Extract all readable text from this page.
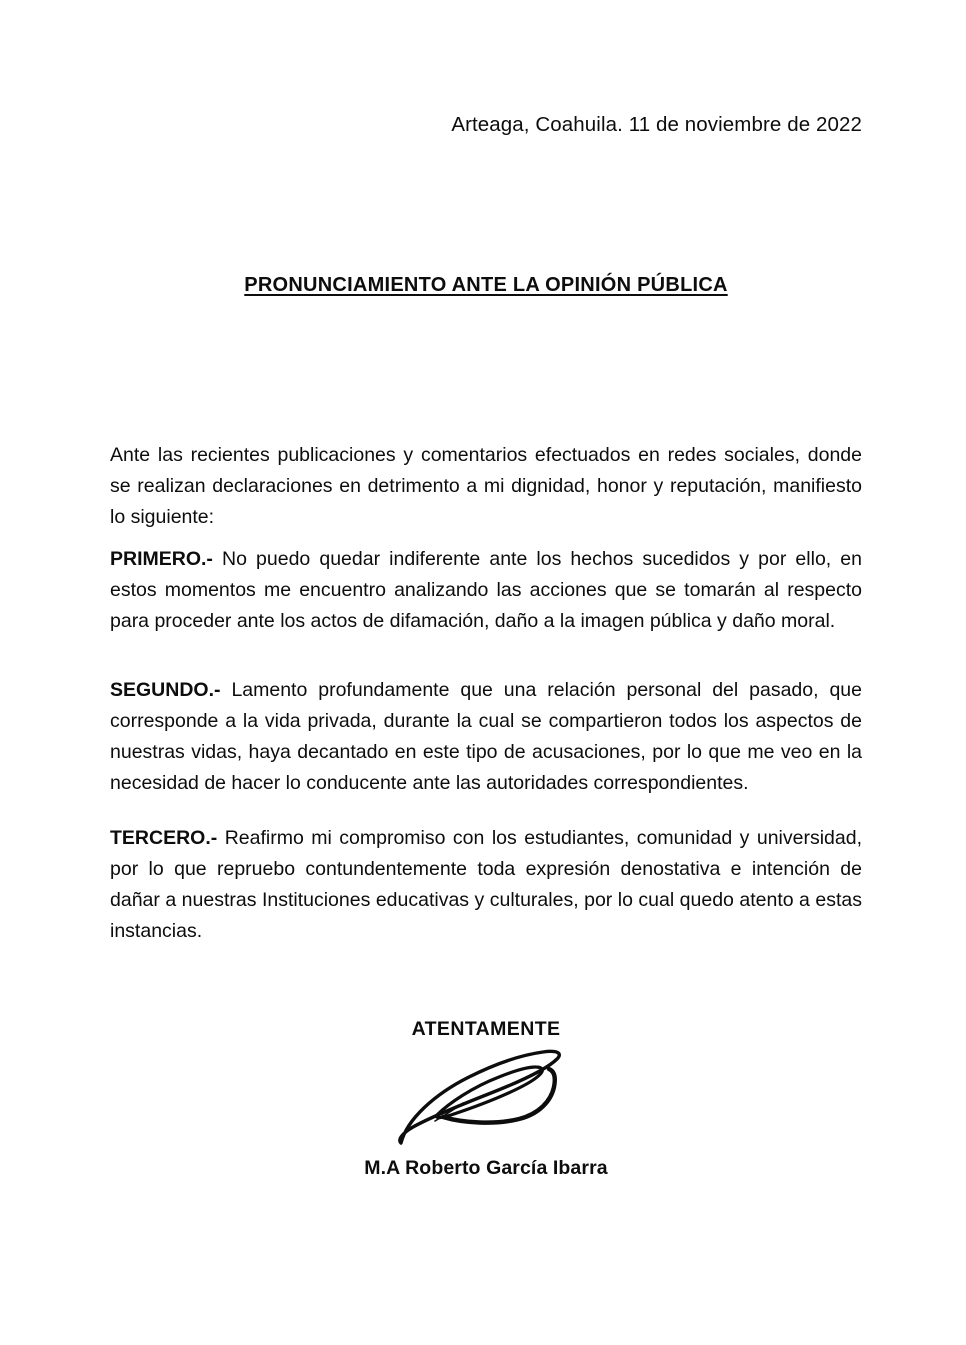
Arteaga, Coahuila. 11 de noviembre de 2022
PRONUNCIAMIENTO ANTE LA OPINIÓN PÚBLICA

Ante las recientes publicaciones y comentarios efectuados en redes sociales, donde se realizan declaraciones en detrimento a mi dignidad, honor y reputación, manifiesto lo siguiente:

PRIMERO.- No puedo quedar indiferente ante los hechos sucedidos y por ello, en estos momentos me encuentro analizando las acciones que se tomarán al respecto para proceder ante los actos de difamación, daño a la imagen pública y daño moral.

SEGUNDO.- Lamento profundamente que una relación personal del pasado, que corresponde a la vida privada, durante la cual se compartieron todos los aspectos de nuestras vidas, haya decantado en este tipo de acusaciones, por lo que me veo en la necesidad de hacer lo conducente ante las autoridades correspondientes.

TERCERO.- Reafirmo mi compromiso con los estudiantes, comunidad y universidad, por lo que repruebo contundentemente toda expresión denostativa e intención de dañar a nuestras Instituciones educativas y culturales, por lo cual quedo atento a estas instancias.

ATENTAMENTE
M.A Roberto García Ibarra
